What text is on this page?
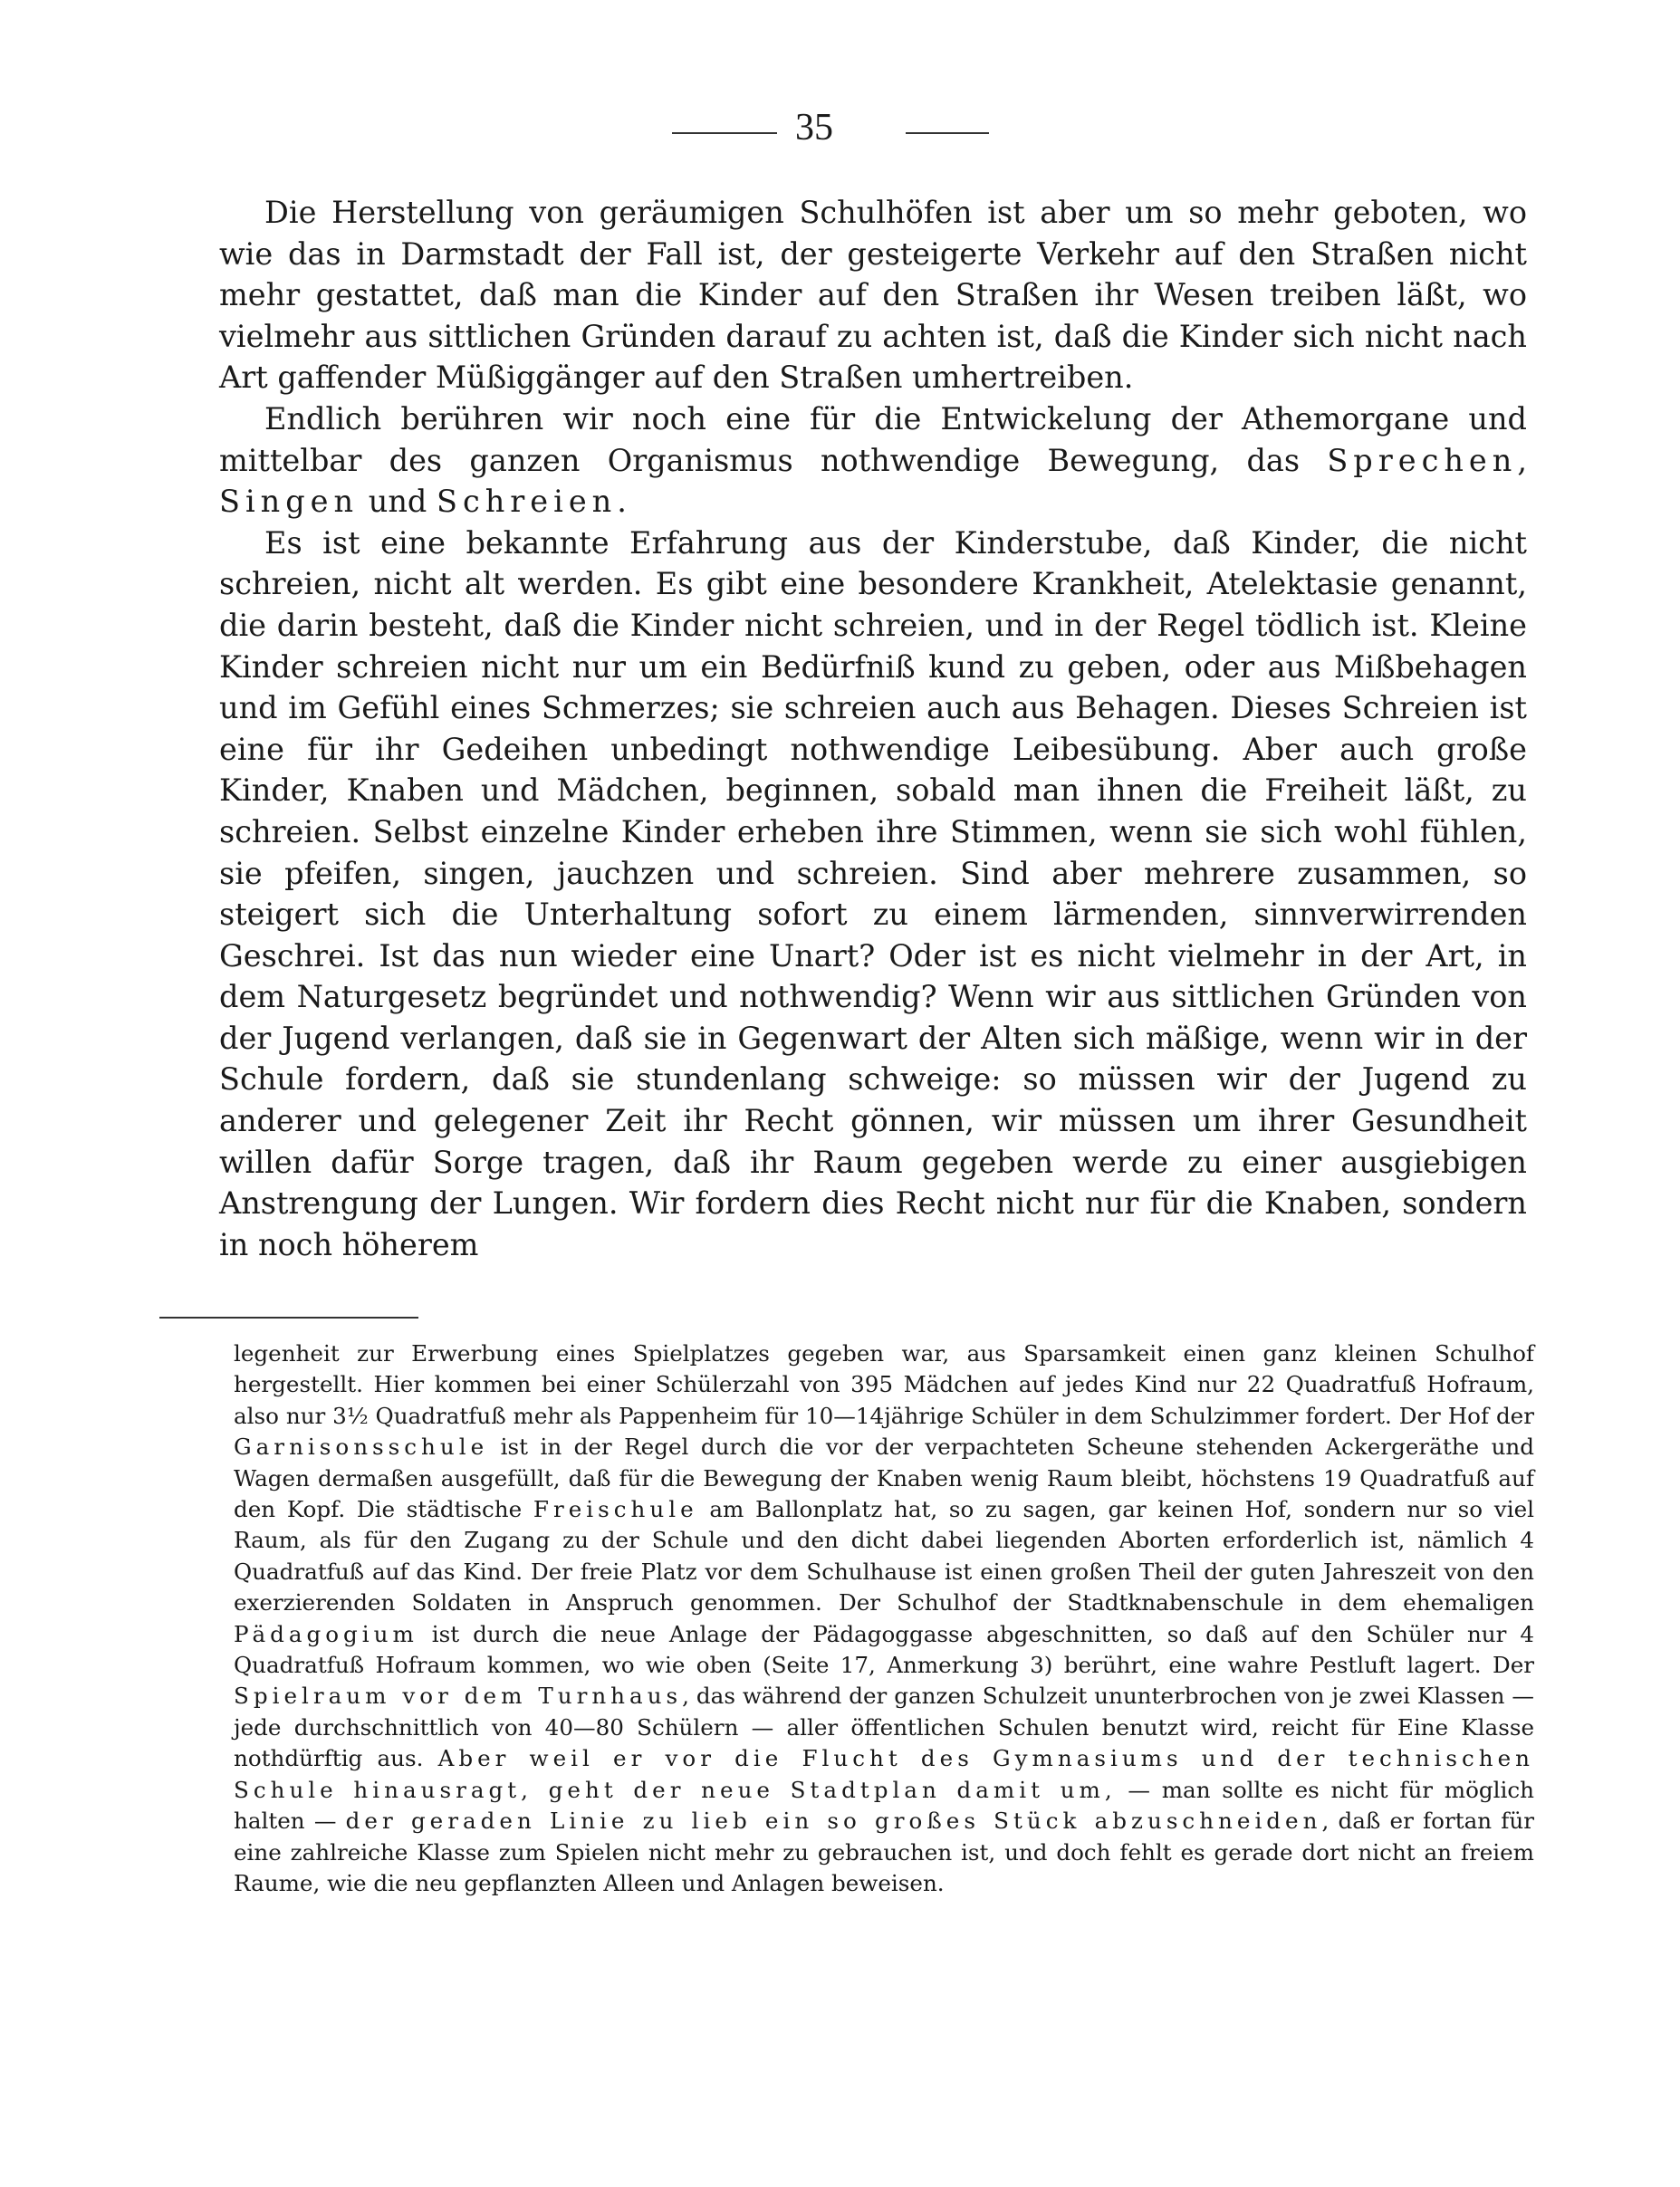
35

Die Herstellung von geräumigen Schulhöfen ist aber um so mehr geboten, wo wie das in Darmstadt der Fall ist, der gesteigerte Verkehr auf den Straßen nicht mehr gestattet, daß man die Kinder auf den Straßen ihr Wesen treiben läßt, wo vielmehr aus sittlichen Gründen darauf zu achten ist, daß die Kinder sich nicht nach Art gaffender Müßiggänger auf den Straßen umhertreiben.

Endlich berühren wir noch eine für die Entwickelung der Athemorgane und mittelbar des ganzen Organismus nothwendige Bewegung, das Sprechen, Singen und Schreien.

Es ist eine bekannte Erfahrung aus der Kinderstube, daß Kinder, die nicht schreien, nicht alt werden. Es gibt eine besondere Krankheit, Atelektasie genannt, die darin besteht, daß die Kinder nicht schreien, und in der Regel tödlich ist. Kleine Kinder schreien nicht nur um ein Bedürfniß kund zu geben, oder aus Mißbehagen und im Gefühl eines Schmerzes; sie schreien auch aus Behagen. Dieses Schreien ist eine für ihr Gedeihen unbedingt nothwendige Leibesübung. Aber auch große Kinder, Knaben und Mädchen, beginnen, sobald man ihnen die Freiheit läßt, zu schreien. Selbst einzelne Kinder erheben ihre Stimmen, wenn sie sich wohl fühlen, sie pfeifen, singen, jauchzen und schreien. Sind aber mehrere zusammen, so steigert sich die Unterhaltung sofort zu einem lärmenden, sinnverwirrenden Geschrei. Ist das nun wieder eine Unart? Oder ist es nicht vielmehr in der Art, in dem Naturgesetz begründet und nothwendig? Wenn wir aus sittlichen Gründen von der Jugend verlangen, daß sie in Gegenwart der Alten sich mäßige, wenn wir in der Schule fordern, daß sie stundenlang schweige: so müssen wir der Jugend zu anderer und gelegener Zeit ihr Recht gönnen, wir müssen um ihrer Gesundheit willen dafür Sorge tragen, daß ihr Raum gegeben werde zu einer ausgiebigen Anstrengung der Lungen. Wir fordern dies Recht nicht nur für die Knaben, sondern in noch höherem

legenheit zur Erwerbung eines Spielplatzes gegeben war, aus Sparsamkeit einen ganz kleinen Schulhof hergestellt. Hier kommen bei einer Schülerzahl von 395 Mädchen auf jedes Kind nur 22 Quadratfuß Hofraum, also nur 3½ Quadratfuß mehr als Pappenheim für 10—14jährige Schüler in dem Schulzimmer fordert. Der Hof der Garnisonsschule ist in der Regel durch die vor der verpachteten Scheune stehenden Ackergeräthe und Wagen dermaßen ausgefüllt, daß für die Bewegung der Knaben wenig Raum bleibt, höchstens 19 Quadratfuß auf den Kopf. Die städtische Freischule am Ballonplatz hat, so zu sagen, gar keinen Hof, sondern nur so viel Raum, als für den Zugang zu der Schule und den dicht dabei liegenden Aborten erforderlich ist, nämlich 4 Quadratfuß auf das Kind. Der freie Platz vor dem Schulhause ist einen großen Theil der guten Jahreszeit von den exerzierenden Soldaten in Anspruch genommen. Der Schulhof der Stadtknabenschule in dem ehemaligen Pädagogium ist durch die neue Anlage der Pädagoggasse abgeschnitten, so daß auf den Schüler nur 4 Quadratfuß Hofraum kommen, wo wie oben (Seite 17, Anmerkung 3) berührt, eine wahre Pestluft lagert. Der Spielraum vor dem Turnhaus, das während der ganzen Schulzeit ununterbrochen von je zwei Klassen — jede durchschnittlich von 40—80 Schülern — aller öffentlichen Schulen benutzt wird, reicht für Eine Klasse nothdürftig aus. Aber weil er vor die Flucht des Gymnasiums und der technischen Schule hinausragt, geht der neue Stadtplan damit um, — man sollte es nicht für möglich halten — der geraden Linie zu lieb ein so großes Stück abzuschneiden, daß er fortan für eine zahlreiche Klasse zum Spielen nicht mehr zu gebrauchen ist, und doch fehlt es gerade dort nicht an freiem Raume, wie die neu gepflanzten Alleen und Anlagen beweisen.
